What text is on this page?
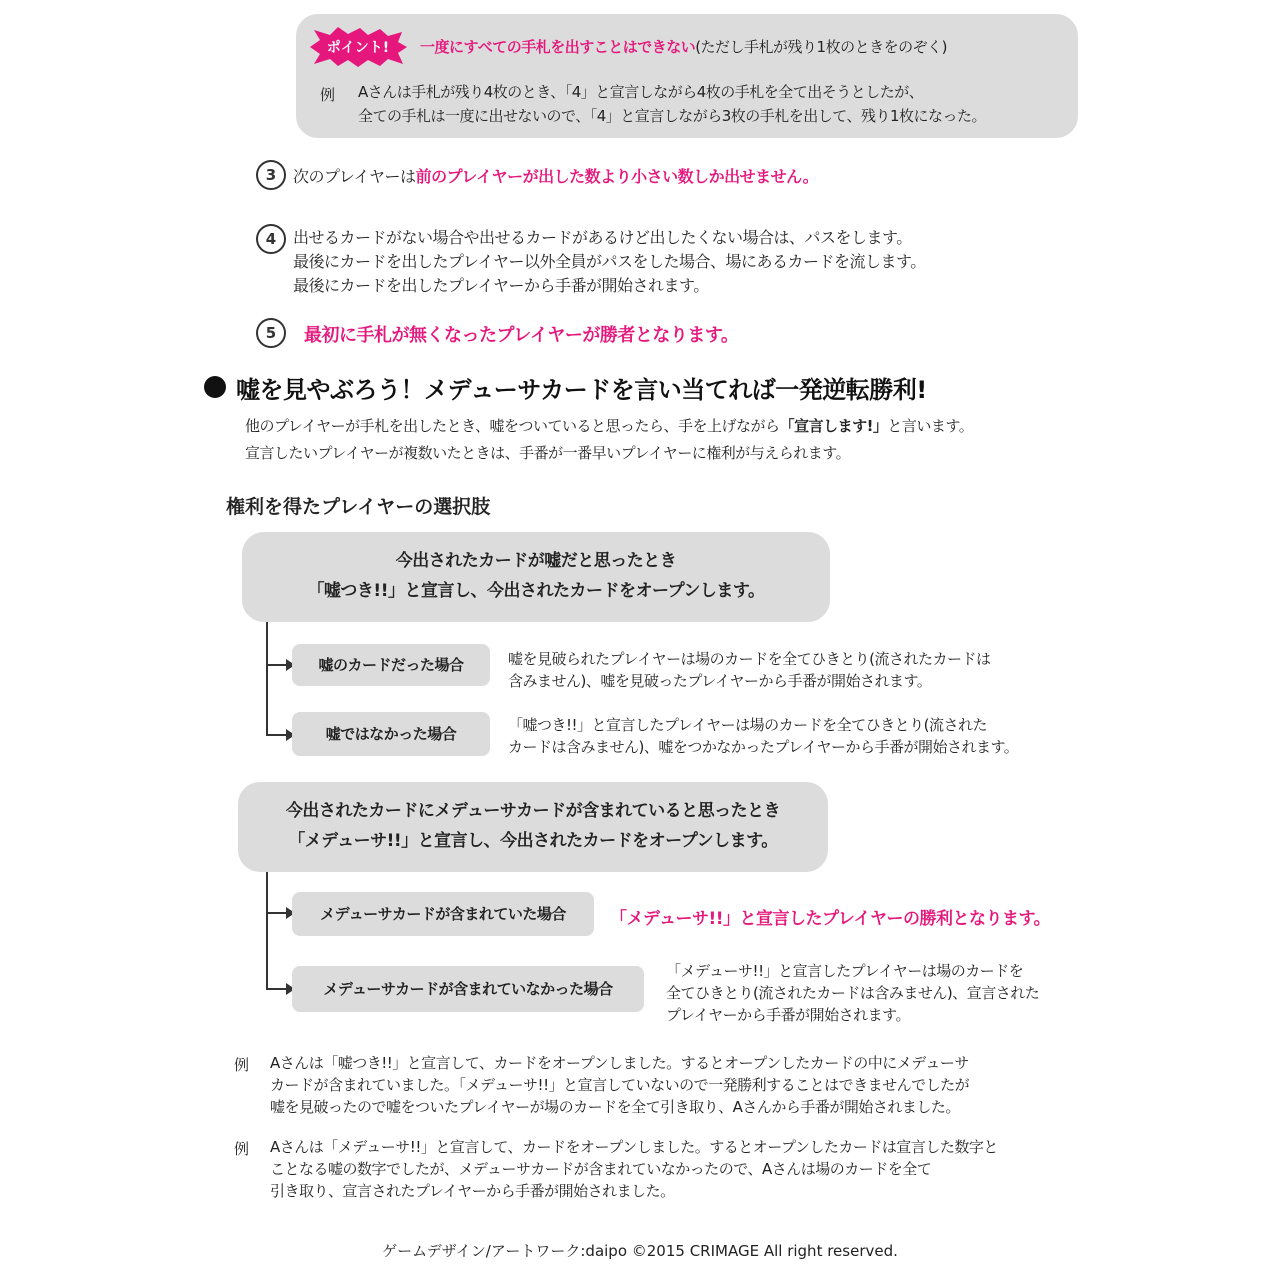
ポイント!	一度にすべての手札を出すことはできない(ただし手札が残り1枚のときをのぞく)
例 Aさんは手札が残り4枚のとき、「4」と宣言しながら4枚の手札を全て出そうとしたが、
全ての手札は一度に出せないので、「4」と宣言しながら3枚の手札を出して、残り1枚になった。
3	次のプレイヤーは前のプレイヤーが出した数より小さい数しか出せません。
4	出せるカードがない場合や出せるカードがあるけど出したくない場合は、パスをします。
最後にカードを出したプレイヤー以外全員がパスをした場合、場にあるカードを流します。
最後にカードを出したプレイヤーから手番が開始されます。
5	最初に手札が無くなったプレイヤーが勝者となります。
嘘を見やぶろう！メデューサカードを言い当てれば一発逆転勝利!
他のプレイヤーが手札を出したとき、嘘をついていると思ったら、手を上げながら「宣言します!」と言います。
宣言したいプレイヤーが複数いたときは、手番が一番早いプレイヤーに権利が与えられます。
権利を得たプレイヤーの選択肢
今出されたカードが嘘だと思ったとき
「嘘つき!!」と宣言し、今出されたカードをオープンします。
嘘のカードだった場合	嘘を見破られたプレイヤーは場のカードを全てひきとり(流されたカードは
含みません)、嘘を見破ったプレイヤーから手番が開始されます。
嘘ではなかった場合	「嘘つき!!」と宣言したプレイヤーは場のカードを全てひきとり(流された
カードは含みません)、嘘をつかなかったプレイヤーから手番が開始されます。
今出されたカードにメデューサカードが含まれていると思ったとき
「メデューサ!!」と宣言し、今出されたカードをオープンします。
メデューサカードが含まれていた場合	「メデューサ!!」と宣言したプレイヤーの勝利となります。
メデューサカードが含まれていなかった場合
「メデューサ!!」と宣言したプレイヤーは場のカードを
全てひきとり(流されたカードは含みません)、宣言された
プレイヤーから手番が開始されます。
例 Aさんは「嘘つき!!」と宣言して、カードをオープンしました。するとオープンしたカードの中にメデューサ
カードが含まれていました。「メデューサ!!」と宣言していないので一発勝利することはできませんでしたが
嘘を見破ったので嘘をついたプレイヤーが場のカードを全て引き取り、Aさんから手番が開始されました。
例 Aさんは「メデューサ!!」と宣言して、カードをオープンしました。するとオープンしたカードは宣言した数字と
ことなる嘘の数字でしたが、メデューサカードが含まれていなかったので、Aさんは場のカードを全て
引き取り、宣言されたプレイヤーから手番が開始されました。
ゲームデザイン/アートワーク:daipo ©2015 CRIMAGE All right reserved.
